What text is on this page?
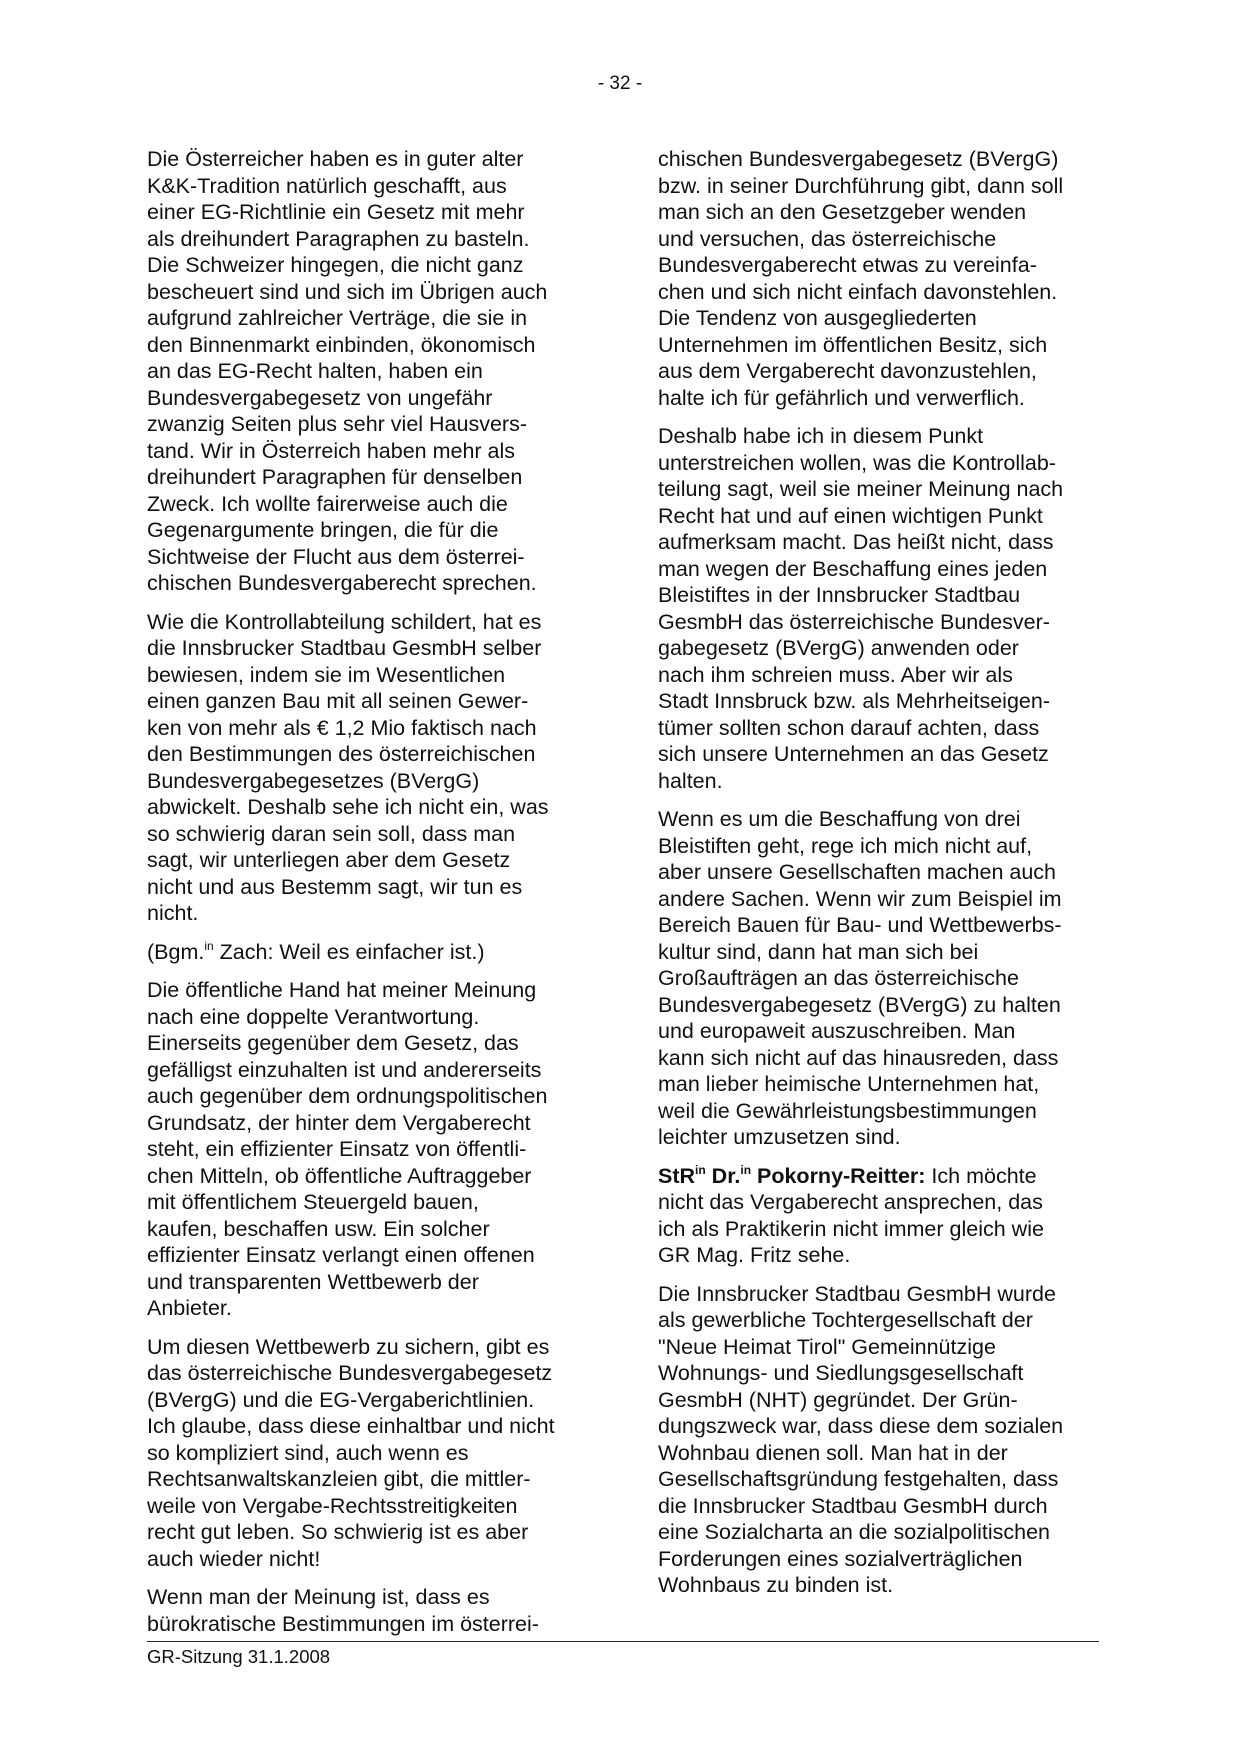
- 32 -

Die Österreicher haben es in guter alter
K&K-Tradition natürlich geschafft, aus
einer EG-Richtlinie ein Gesetz mit mehr
als dreihundert Paragraphen zu basteln.
Die Schweizer hingegen, die nicht ganz
bescheuert sind und sich im Übrigen auch
aufgrund zahlreicher Verträge, die sie in
den Binnenmarkt einbinden, ökonomisch
an das EG-Recht halten, haben ein
Bundesvergabegesetz von ungefähr
zwanzig Seiten plus sehr viel Hausvers-
tand. Wir in Österreich haben mehr als
dreihundert Paragraphen für denselben
Zweck. Ich wollte fairerweise auch die
Gegenargumente bringen, die für die
Sichtweise der Flucht aus dem österrei-
chischen Bundesvergaberecht sprechen.

Wie die Kontrollabteilung schildert, hat es
die Innsbrucker Stadtbau GesmbH selber
bewiesen, indem sie im Wesentlichen
einen ganzen Bau mit all seinen Gewer-
ken von mehr als € 1,2 Mio faktisch nach
den Bestimmungen des österreichischen
Bundesvergabegesetzes (BVergG)
abwickelt. Deshalb sehe ich nicht ein, was
so schwierig daran sein soll, dass man
sagt, wir unterliegen aber dem Gesetz
nicht und aus Bestemm sagt, wir tun es
nicht.

(Bgm.$^{in}$ Zach: Weil es einfacher ist.)

Die öffentliche Hand hat meiner Meinung
nach eine doppelte Verantwortung.
Einerseits gegenüber dem Gesetz, das
gefälligst einzuhalten ist und andererseits
auch gegenüber dem ordnungspolitischen
Grundsatz, der hinter dem Vergaberecht
steht, ein effizienter Einsatz von öffentli-
chen Mitteln, ob öffentliche Auftraggeber
mit öffentlichem Steuergeld bauen,
kaufen, beschaffen usw. Ein solcher
effizienter Einsatz verlangt einen offenen
und transparenten Wettbewerb der
Anbieter.

Um diesen Wettbewerb zu sichern, gibt es
das österreichische Bundesvergabegesetz
(BVergG) und die EG-Vergaberichtlinien.
Ich glaube, dass diese einhaltbar und nicht
so kompliziert sind, auch wenn es
Rechtsanwaltskanzleien gibt, die mittler-
weile von Vergabe-Rechtsstreitigkeiten
recht gut leben. So schwierig ist es aber
auch wieder nicht!

Wenn man der Meinung ist, dass es
bürokratische Bestimmungen im österrei-

chischen Bundesvergabegesetz (BVergG)
bzw. in seiner Durchführung gibt, dann soll
man sich an den Gesetzgeber wenden
und versuchen, das österreichische
Bundesvergaberecht etwas zu vereinfa-
chen und sich nicht einfach davonstehlen.
Die Tendenz von ausgegliederten
Unternehmen im öffentlichen Besitz, sich
aus dem Vergaberecht davonzustehlen,
halte ich für gefährlich und verwerflich.

Deshalb habe ich in diesem Punkt
unterstreichen wollen, was die Kontrollab-
teilung sagt, weil sie meiner Meinung nach
Recht hat und auf einen wichtigen Punkt
aufmerksam macht. Das heißt nicht, dass
man wegen der Beschaffung eines jeden
Bleistiftes in der Innsbrucker Stadtbau
GesmbH das österreichische Bundesver-
gabegesetz (BVergG) anwenden oder
nach ihm schreien muss. Aber wir als
Stadt Innsbruck bzw. als Mehrheitseigen-
tümer sollten schon darauf achten, dass
sich unsere Unternehmen an das Gesetz
halten.

Wenn es um die Beschaffung von drei
Bleistiften geht, rege ich mich nicht auf,
aber unsere Gesellschaften machen auch
andere Sachen. Wenn wir zum Beispiel im
Bereich Bauen für Bau- und Wettbewerbs-
kultur sind, dann hat man sich bei
Großaufträgen an das österreichische
Bundesvergabegesetz (BVergG) zu halten
und europaweit auszuschreiben. Man
kann sich nicht auf das hinausreden, dass
man lieber heimische Unternehmen hat,
weil die Gewährleistungsbestimmungen
leichter umzusetzen sind.

StR$^{in}$ Dr.$^{in}$ Pokorny-Reitter: Ich möchte
nicht das Vergaberecht ansprechen, das
ich als Praktikerin nicht immer gleich wie
GR Mag. Fritz sehe.

Die Innsbrucker Stadtbau GesmbH wurde
als gewerbliche Tochtergesellschaft der
"Neue Heimat Tirol" Gemeinnützige
Wohnungs- und Siedlungsgesellschaft
GesmbH (NHT) gegründet. Der Grün-
dungszweck war, dass diese dem sozialen
Wohnbau dienen soll. Man hat in der
Gesellschaftsgründung festgehalten, dass
die Innsbrucker Stadtbau GesmbH durch
eine Sozialcharta an die sozialpolitischen
Forderungen eines sozialverträglichen
Wohnbaus zu binden ist.

GR-Sitzung 31.1.2008
